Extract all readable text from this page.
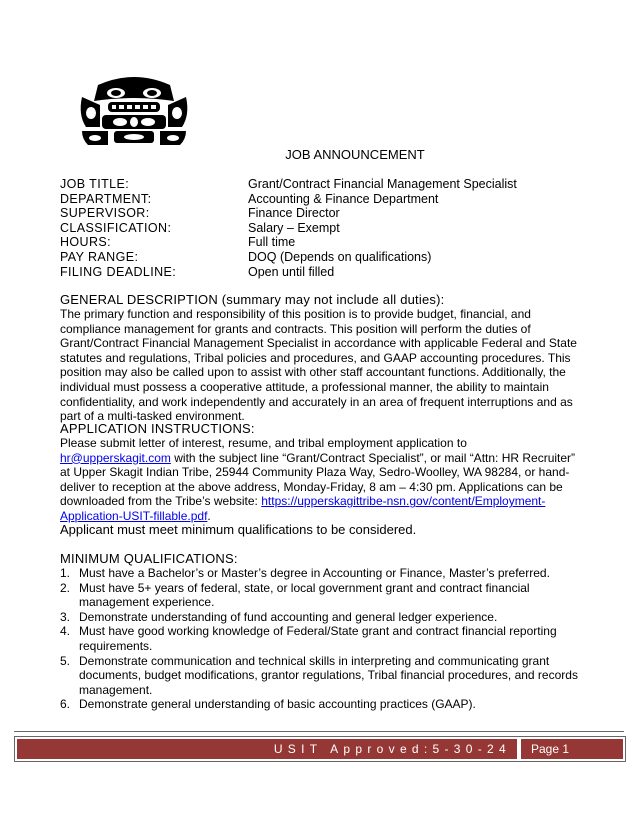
JOB ANNOUNCEMENT
JOB TITLE:	Grant/Contract Financial Management Specialist
DEPARTMENT:	Accounting & Finance Department
SUPERVISOR:	Finance Director
CLASSIFICATION:	Salary – Exempt
HOURS:	Full time
PAY RANGE:	DOQ (Depends on qualifications)
FILING DEADLINE:	Open until filled
GENERAL DESCRIPTION (summary may not include all duties):

The primary function and responsibility of this position is to provide budget, financial, and compliance management for grants and contracts. This position will perform the duties of Grant/Contract Financial Management Specialist in accordance with applicable Federal and State statutes and regulations, Tribal policies and procedures, and GAAP accounting procedures. This position may also be called upon to assist with other staff accountant functions. Additionally, the individual must possess a cooperative attitude, a professional manner, the ability to maintain confidentiality, and work independently and accurately in an area of frequent interruptions and as part of a multi-tasked environment.

APPLICATION INSTRUCTIONS:

Please submit letter of interest, resume, and tribal employment application to hr@upperskagit.com with the subject line “Grant/Contract Specialist”, or mail “Attn: HR Recruiter” at Upper Skagit Indian Tribe, 25944 Community Plaza Way, Sedro-Woolley, WA 98284, or hand-deliver to reception at the above address, Monday-Friday, 8 am – 4:30 pm. Applications can be downloaded from the Tribe’s website: https://upperskagittribe-nsn.gov/content/Employment-Application-USIT-fillable.pdf.

Applicant must meet minimum qualifications to be considered.
MINIMUM QUALIFICATIONS:
1. Must have a Bachelor’s or Master’s degree in Accounting or Finance, Master’s preferred.
2. Must have 5+ years of federal, state, or local government grant and contract financial management experience.
3. Demonstrate understanding of fund accounting and general ledger experience.
4. Must have good working knowledge of Federal/State grant and contract financial reporting requirements.
5. Demonstrate communication and technical skills in interpreting and communicating grant documents, budget modifications, grantor regulations, Tribal financial procedures, and records management.
6. Demonstrate general understanding of basic accounting practices (GAAP).
USIT Approved:5-30-24	Page 1
